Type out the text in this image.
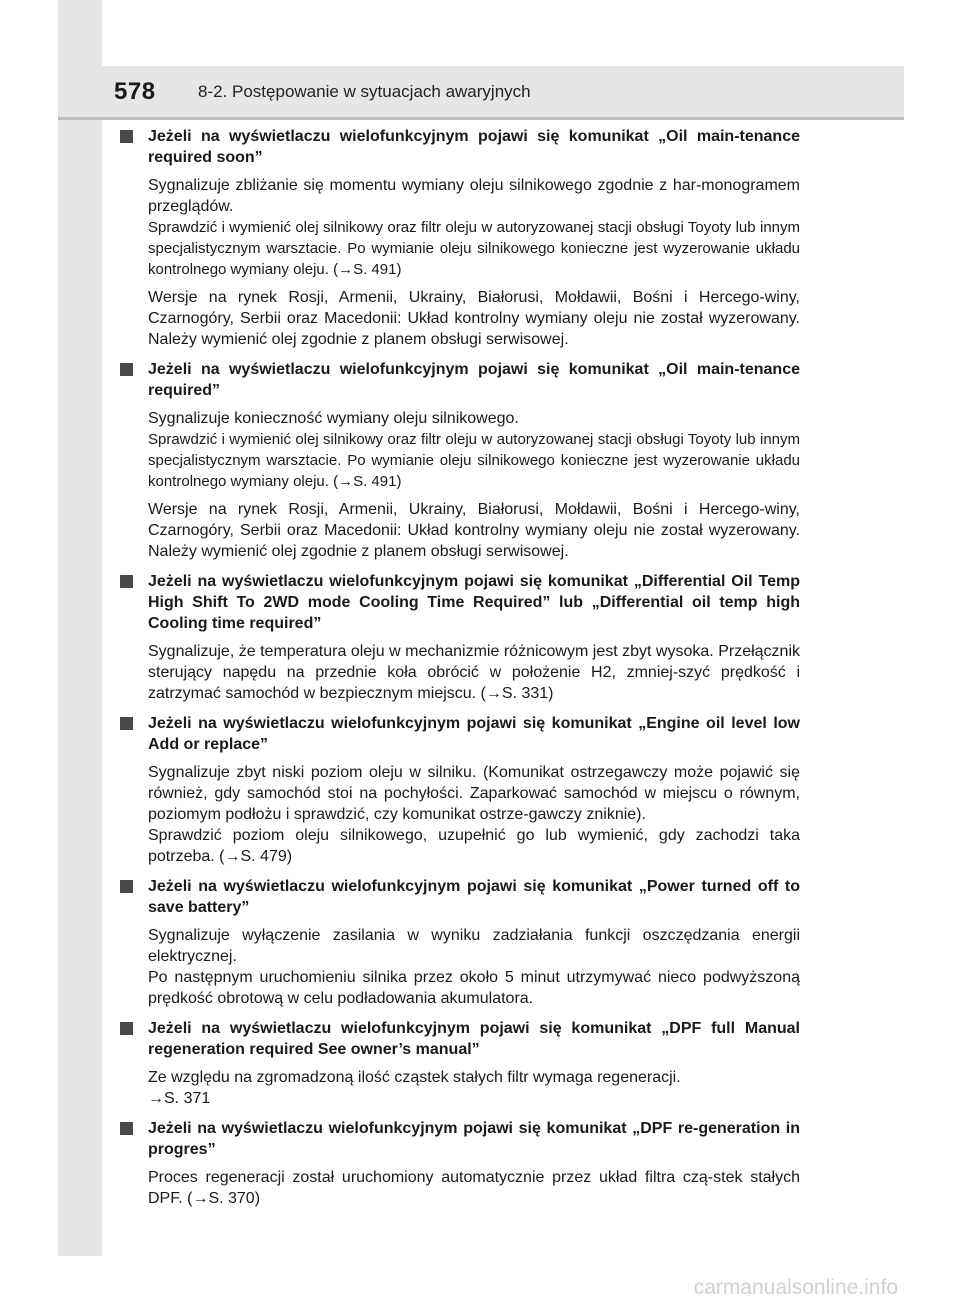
578 8-2. Postępowanie w sytuacjach awaryjnych
Jeżeli na wyświetlaczu wielofunkcyjnym pojawi się komunikat „Oil main-tenance required soon”
Sygnalizuje zbliżanie się momentu wymiany oleju silnikowego zgodnie z har-monogramem przeglądów.
Sprawdzić i wymienić olej silnikowy oraz filtr oleju w autoryzowanej stacji obsługi Toyoty lub innym specjalistycznym warsztacie. Po wymianie oleju silnikowego konieczne jest wyzerowanie układu kontrolnego wymiany oleju. (→S. 491)
Wersje na rynek Rosji, Armenii, Ukrainy, Białorusi, Mołdawii, Bośni i Hercego-winy, Czarnogóry, Serbii oraz Macedonii: Układ kontrolny wymiany oleju nie został wyzerowany. Należy wymienić olej zgodnie z planem obsługi serwisowej.
Jeżeli na wyświetlaczu wielofunkcyjnym pojawi się komunikat „Oil main-tenance required”
Sygnalizuje konieczność wymiany oleju silnikowego.
Sprawdzić i wymienić olej silnikowy oraz filtr oleju w autoryzowanej stacji obsługi Toyoty lub innym specjalistycznym warsztacie. Po wymianie oleju silnikowego konieczne jest wyzerowanie układu kontrolnego wymiany oleju. (→S. 491)
Wersje na rynek Rosji, Armenii, Ukrainy, Białorusi, Mołdawii, Bośni i Hercego-winy, Czarnogóry, Serbii oraz Macedonii: Układ kontrolny wymiany oleju nie został wyzerowany. Należy wymienić olej zgodnie z planem obsługi serwisowej.
Jeżeli na wyświetlaczu wielofunkcyjnym pojawi się komunikat „Differential Oil Temp High Shift To 2WD mode Cooling Time Required” lub „Differential oil temp high Cooling time required”
Sygnalizuje, że temperatura oleju w mechanizmie różnicowym jest zbyt wysoka. Przełącznik sterujący napędu na przednie koła obrócić w położenie H2, zmniej-szyć prędkość i zatrzymać samochód w bezpiecznym miejscu. (→S. 331)
Jeżeli na wyświetlaczu wielofunkcyjnym pojawi się komunikat „Engine oil level low Add or replace”
Sygnalizuje zbyt niski poziom oleju w silniku. (Komunikat ostrzegawczy może pojawić się również, gdy samochód stoi na pochyłości. Zaparkować samochód w miejscu o równym, poziomym podłożu i sprawdzić, czy komunikat ostrze-gawczy zniknie).
Sprawdzić poziom oleju silnikowego, uzupełnić go lub wymienić, gdy zachodzi taka potrzeba. (→S. 479)
Jeżeli na wyświetlaczu wielofunkcyjnym pojawi się komunikat „Power turned off to save battery”
Sygnalizuje wyłączenie zasilania w wyniku zadziałania funkcji oszczędzania energii elektrycznej.
Po następnym uruchomieniu silnika przez około 5 minut utrzymywać nieco podwyższoną prędkość obrotową w celu podładowania akumulatora.
Jeżeli na wyświetlaczu wielofunkcyjnym pojawi się komunikat „DPF full Manual regeneration required See owner’s manual”
Ze względu na zgromadzoną ilość cząstek stałych filtr wymaga regeneracji.
→S. 371
Jeżeli na wyświetlaczu wielofunkcyjnym pojawi się komunikat „DPF re-generation in progres”
Proces regeneracji został uruchomiony automatycznie przez układ filtra czą-stek stałych DPF. (→S. 370)
carmanualsonline.info
